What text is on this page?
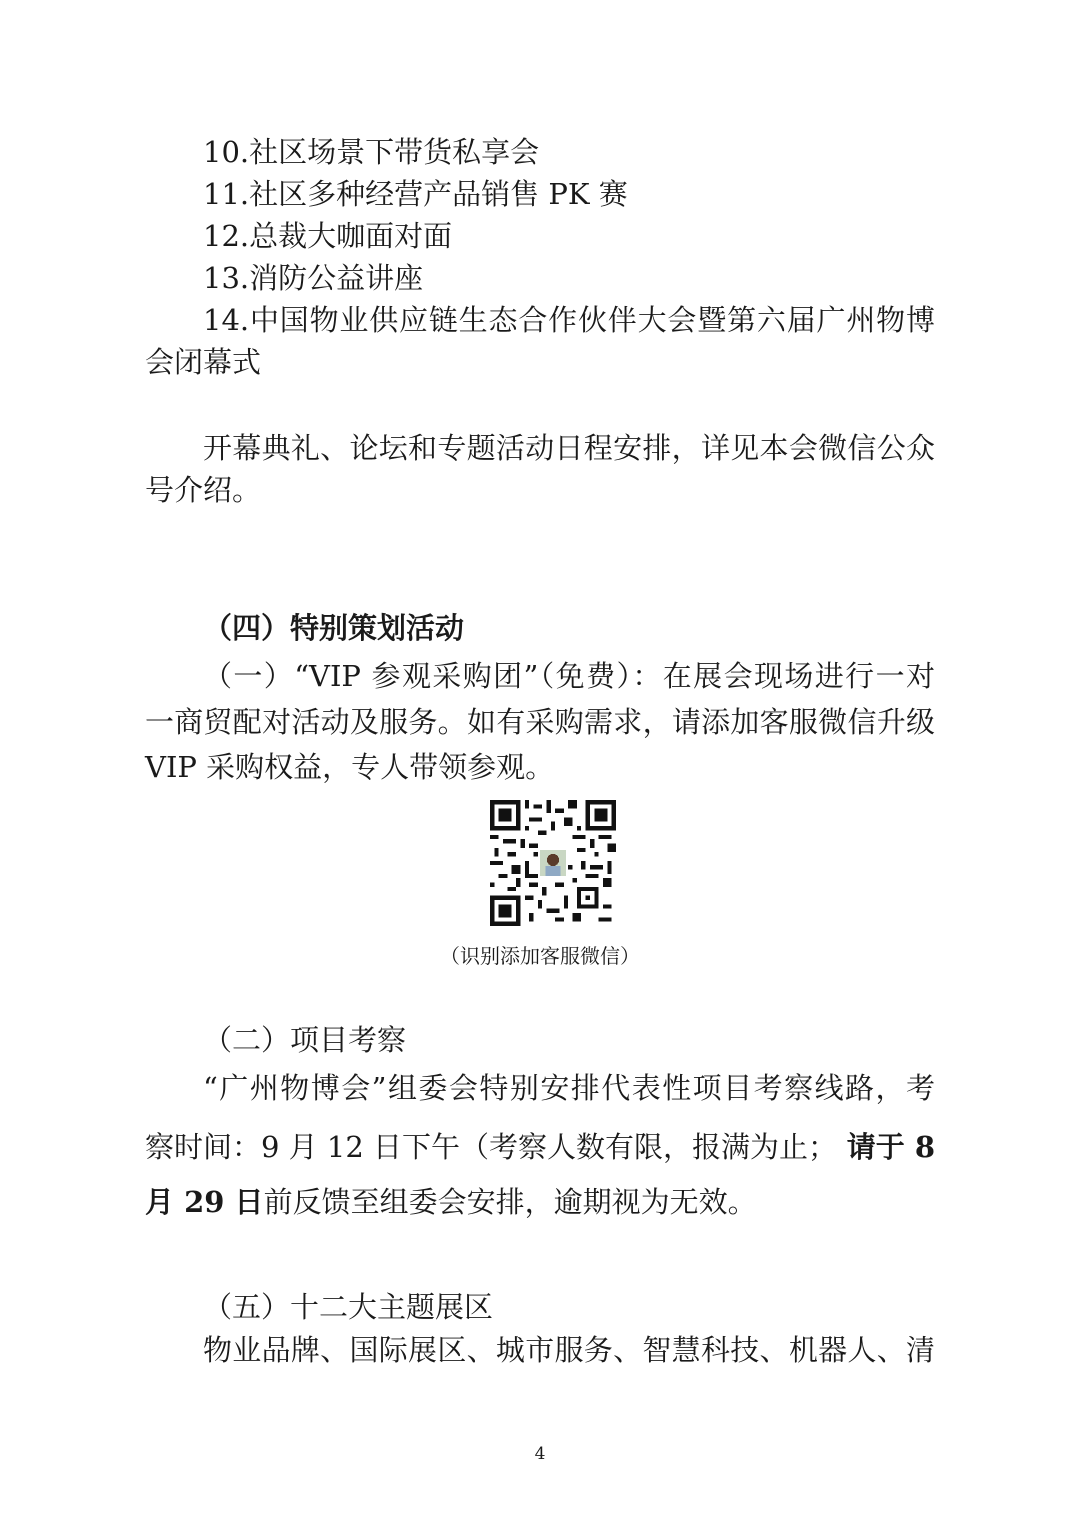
10.社区场景下带货私享会
11.社区多种经营产品销售 PK 赛
12.总裁大咖面对面
13.消防公益讲座
14.中国物业供应链生态合作伙伴大会暨第六届广州物博
会闭幕式
开幕典礼、论坛和专题活动日程安排，详见本会微信公众
号介绍。
（四）特别策划活动
（一）“VIP 参观采购团”（免费）：在展会现场进行一对
一商贸配对活动及服务。如有采购需求，请添加客服微信升级
VIP 采购权益，专人带领参观。
（识别添加客服微信）
（二）项目考察
“广州物博会”组委会特别安排代表性项目考察线路，考
察时间：9 月 12 日下午（考察人数有限，报满为止； 请于 8
月 29 日前反馈至组委会安排，逾期视为无效。
（五）十二大主题展区
物业品牌、国际展区、城市服务、智慧科技、机器人、清
4
